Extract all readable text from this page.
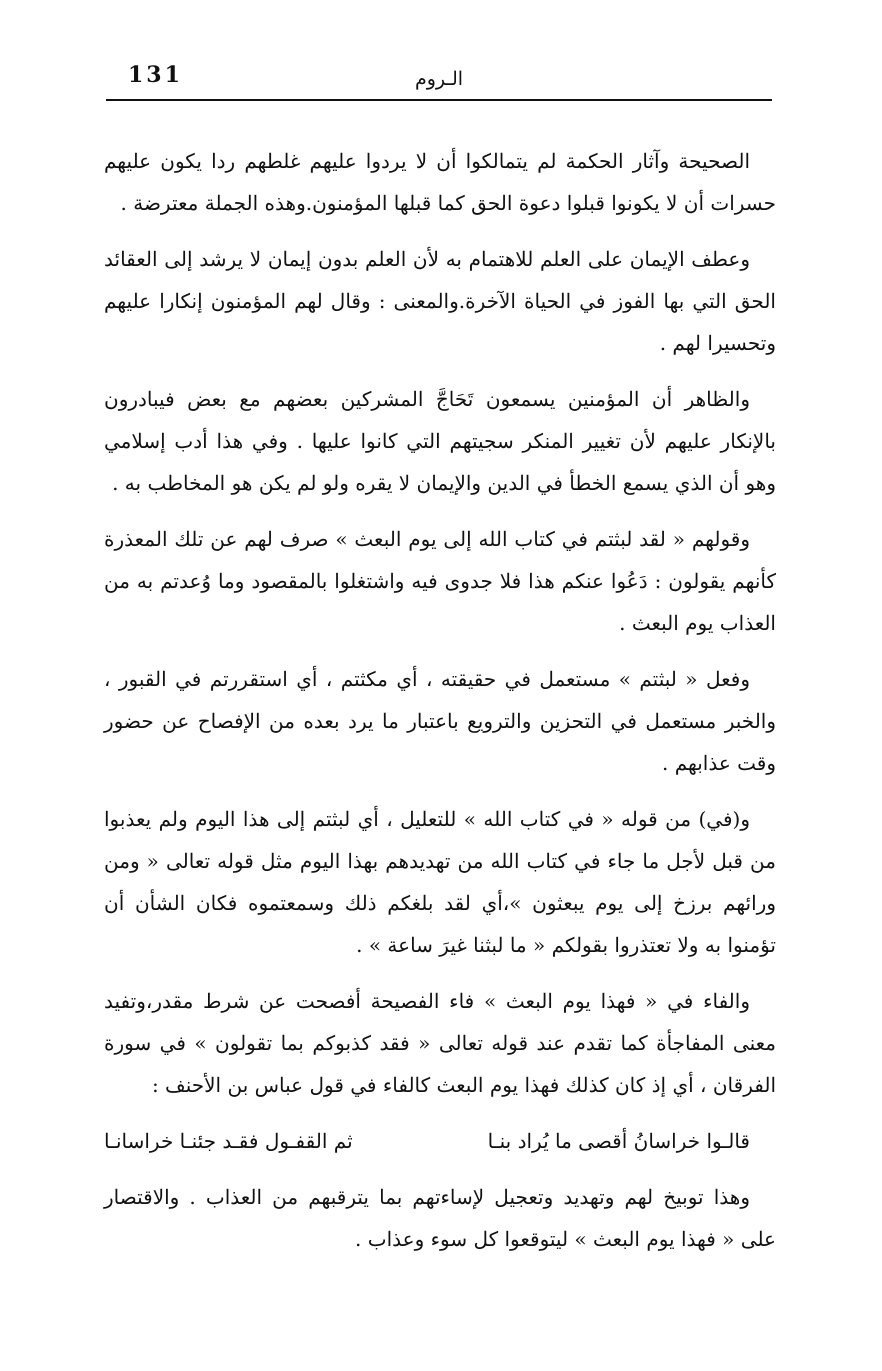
131	الـروم

الصحيحة وآثار الحكمة لم يتمالكوا أن لا يردوا عليهم غلطهم ردا يكون عليهم حسرات أن لا يكونوا قبلوا دعوة الحق كما قبلها المؤمنون.وهذه الجملة معترضة .

وعطف الإيمان على العلم للاهتمام به لأن العلم بدون إيمان لا يرشد إلى العقائد الحق التي بها الفوز في الحياة الآخرة.والمعنى : وقال لهم المؤمنون إنكارا عليهم وتحسيرا لهم .

والظاهر أن المؤمنين يسمعون تَحَاجَّ المشركين بعضهم مع بعض فيبادرون بالإنكار عليهم لأن تغيير المنكر سجيتهم التي كانوا عليها . وفي هذا أدب إسلامي وهو أن الذي يسمع الخطأ في الدين والإيمان لا يقره ولو لم يكن هو المخاطب به .

وقولهم « لقد لبثتم في كتاب الله إلى يوم البعث » صرف لهم عن تلك المعذرة كأنهم يقولون : دَعُوا عنكم هذا فلا جدوى فيه واشتغلوا بالمقصود وما وُعدتم به من العذاب يوم البعث .

وفعل « لبثتم » مستعمل في حقيقته ، أي مكثتم ، أي استقررتم في القبور ، والخبر مستعمل في التحزين والترويع باعتبار ما يرد بعده من الإفصاح عن حضور وقت عذابهم .

و(في) من قوله « في كتاب الله » للتعليل ، أي لبثتم إلى هذا اليوم ولم يعذبوا من قبل لأجل ما جاء في كتاب الله من تهديدهم بهذا اليوم مثل قوله تعالى « ومن ورائهم برزخ إلى يوم يبعثون »،أي لقد بلغكم ذلك وسمعتموه فكان الشأن أن تؤمنوا به ولا تعتذروا بقولكم « ما لبثنا غيرَ ساعة » .

والفاء في « فهذا يوم البعث » فاء الفصيحة أفصحت عن شرط مقدر،وتفيد معنى المفاجأة كما تقدم عند قوله تعالى « فقد كذبوكم بما تقولون » في سورة الفرقان ، أي إذ كان كذلك فهذا يوم البعث كالفاء في قول عباس بن الأحنف :

قالـوا خراسانُ أقصى ما يُراد بنـا
ثم القفـول فقـد جئنـا خراسانـا

وهذا توبيخ لهم وتهديد وتعجيل لإساءتهم بما يترقبهم من العذاب . والاقتصار على « فهذا يوم البعث » ليتوقعوا كل سوء وعذاب .
